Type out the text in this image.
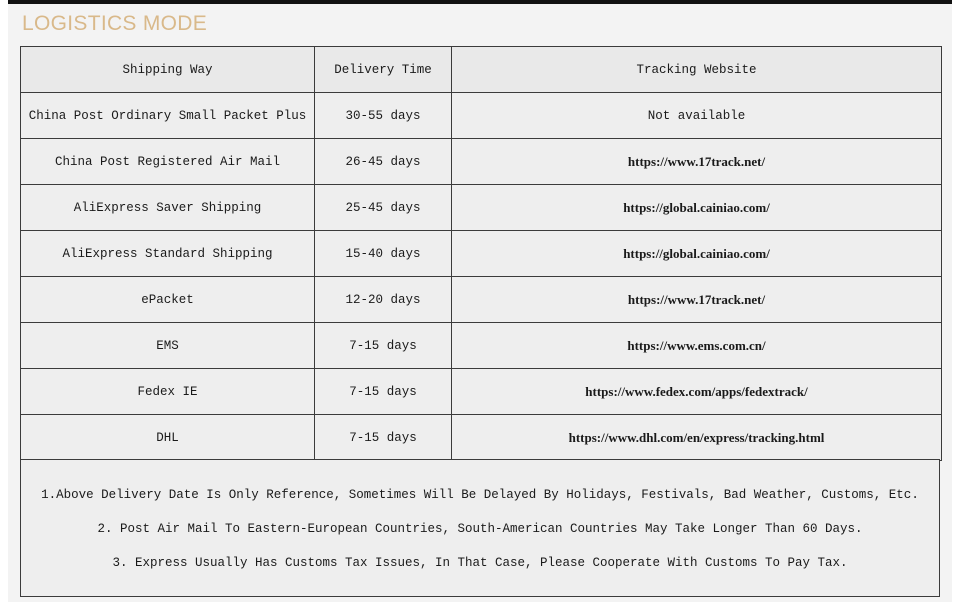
LOGISTICS MODE
Shipping Way	Delivery Time	Tracking Website
China Post Ordinary Small Packet Plus	30-55 days	Not available
China Post Registered Air Mail	26-45 days	https://www.17track.net/
AliExpress Saver Shipping	25-45 days	https://global.cainiao.com/
AliExpress Standard Shipping	15-40 days	https://global.cainiao.com/
ePacket	12-20 days	https://www.17track.net/
EMS	7-15 days	https://www.ems.com.cn/
Fedex IE	7-15 days	https://www.fedex.com/apps/fedextrack/
DHL	7-15 days	https://www.dhl.com/en/express/tracking.html
1.Above Delivery Date Is Only Reference, Sometimes Will Be Delayed By Holidays, Festivals, Bad Weather, Customs, Etc.
2. Post Air Mail To Eastern-European Countries, South-American Countries May Take Longer Than 60 Days.
3. Express Usually Has Customs Tax Issues, In That Case, Please Cooperate With Customs To Pay Tax.
